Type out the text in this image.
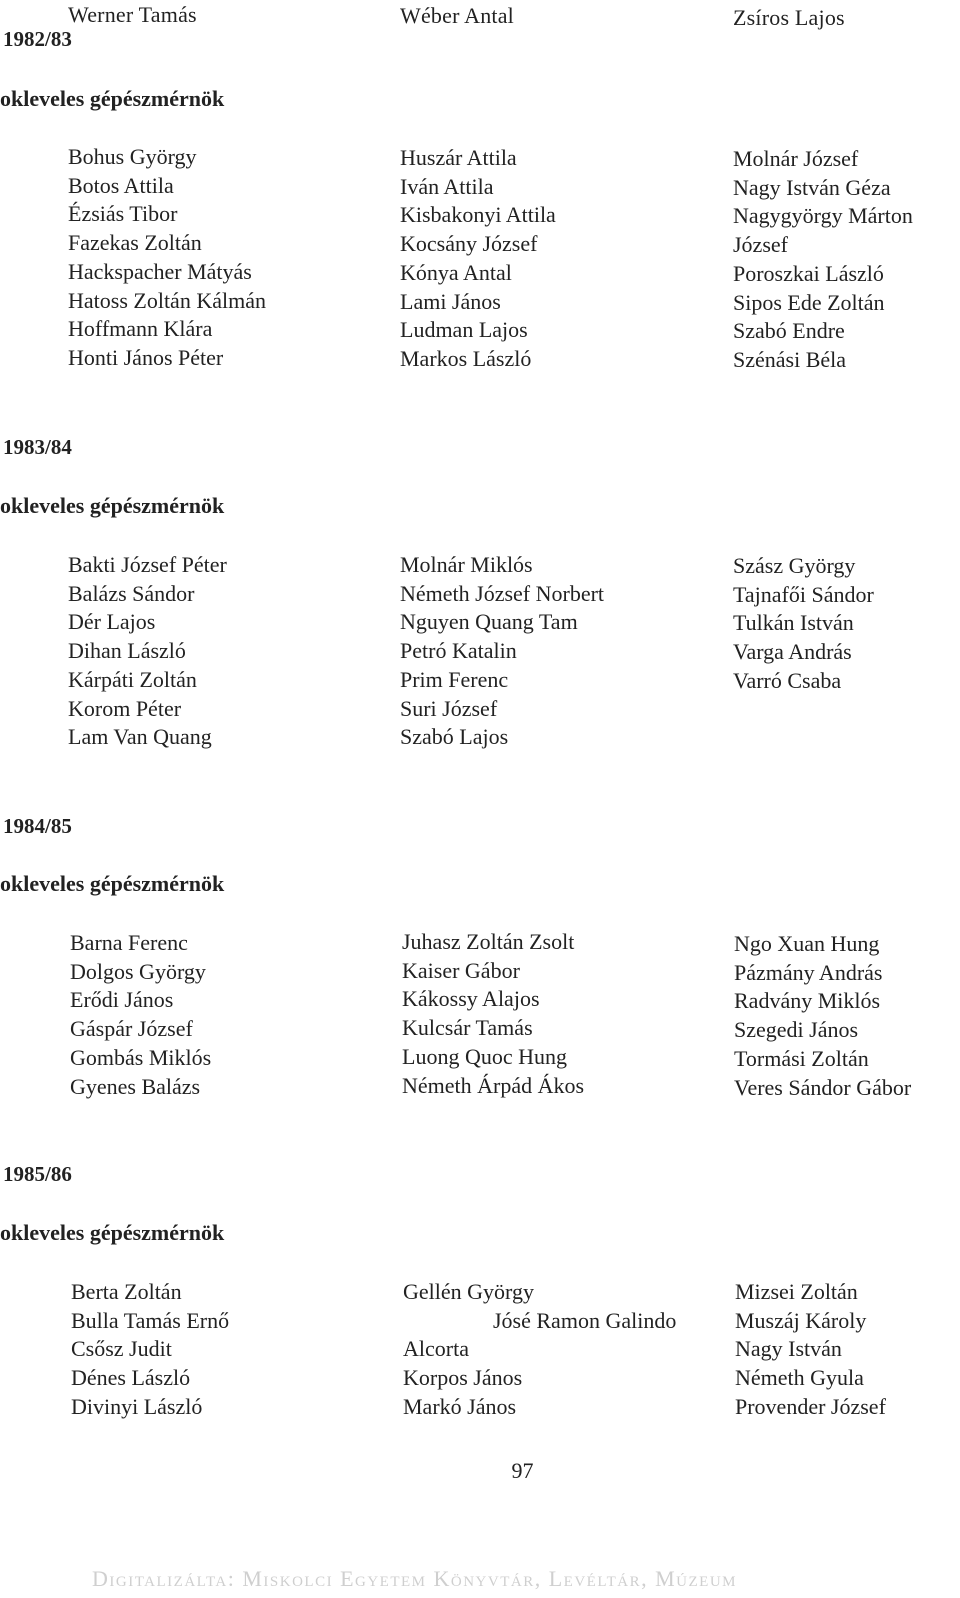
Werner Tamás	Wéber Antal	Zsíros Lajos
1982/83
okleveles gépészmérnök
Bohus György
Botos Attila
Ézsiás Tibor
Fazekas Zoltán
Hackspacher Mátyás
Hatoss Zoltán Kálmán
Hoffmann Klára
Honti János Péter
Huszár Attila
Iván Attila
Kisbakonyi Attila
Kocsány József
Kónya Antal
Lami János
Ludman Lajos
Markos László
Molnár József
Nagy István Géza
Nagygyörgy Márton
József
Poroszkai László
Sipos Ede Zoltán
Szabó Endre
Szénási Béla
1983/84
okleveles gépészmérnök
Bakti József Péter
Balázs Sándor
Dér Lajos
Dihan László
Kárpáti Zoltán
Korom Péter
Lam Van Quang
Molnár Miklós
Németh József Norbert
Nguyen Quang Tam
Petró Katalin
Prim Ferenc
Suri József
Szabó Lajos
Szász György
Tajnafői Sándor
Tulkán István
Varga András
Varró Csaba
1984/85
okleveles gépészmérnök
Barna Ferenc
Dolgos György
Erődi János
Gáspár József
Gombás Miklós
Gyenes Balázs
Juhasz Zoltán Zsolt
Kaiser Gábor
Kákossy Alajos
Kulcsár Tamás
Luong Quoc Hung
Németh Árpád Ákos
Ngo Xuan Hung
Pázmány András
Radvány Miklós
Szegedi János
Tormási Zoltán
Veres Sándor Gábor
1985/86
okleveles gépészmérnök
Berta Zoltán
Bulla Tamás Ernő
Csősz Judit
Dénes László
Divinyi László
Gellén György
Jósé Ramon Galindo
Alcorta
Korpos János
Markó János
Mizsei Zoltán
Muszáj Károly
Nagy István
Németh Gyula
Provender József
97
Digitalizálta: Miskolci Egyetem Könyvtár, Levéltár, Múzeum
